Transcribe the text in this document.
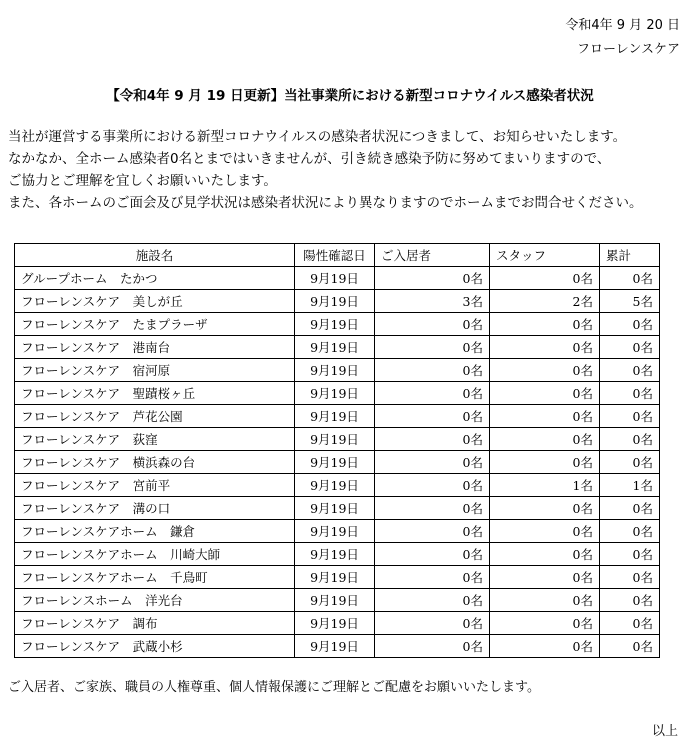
令和4年 9 月 20 日
フローレンスケア
【令和4年 9 月 19 日更新】当社事業所における新型コロナウイルス感染者状況

当社が運営する事業所における新型コロナウイルスの感染者状況につきまして、お知らせいたします。

なかなか、全ホーム感染者0名とまではいきませんが、引き続き感染予防に努めてまいりますので、

ご協力とご理解を宜しくお願いいたします。

また、各ホームのご面会及び見学状況は感染者状況により異なりますのでホームまでお問合せください。

施設名	陽性確認日	ご入居者	スタッフ	累計
グループホーム　たかつ	9月19日	0名	0名	0名
フローレンスケア　美しが丘	9月19日	3名	2名	5名
フローレンスケア　たまプラーザ	9月19日	0名	0名	0名
フローレンスケア　港南台	9月19日	0名	0名	0名
フローレンスケア　宿河原	9月19日	0名	0名	0名
フローレンスケア　聖蹟桜ヶ丘	9月19日	0名	0名	0名
フローレンスケア　芦花公園	9月19日	0名	0名	0名
フローレンスケア　荻窪	9月19日	0名	0名	0名
フローレンスケア　横浜森の台	9月19日	0名	0名	0名
フローレンスケア　宮前平	9月19日	0名	1名	1名
フローレンスケア　溝の口	9月19日	0名	0名	0名
フローレンスケアホーム　鎌倉	9月19日	0名	0名	0名
フローレンスケアホーム　川崎大師	9月19日	0名	0名	0名
フローレンスケアホーム　千鳥町	9月19日	0名	0名	0名
フローレンスホーム　洋光台	9月19日	0名	0名	0名
フローレンスケア　調布	9月19日	0名	0名	0名
フローレンスケア　武蔵小杉	9月19日	0名	0名	0名
ご入居者、ご家族、職員の人権尊重、個人情報保護にご理解とご配慮をお願いいたします。
以上
